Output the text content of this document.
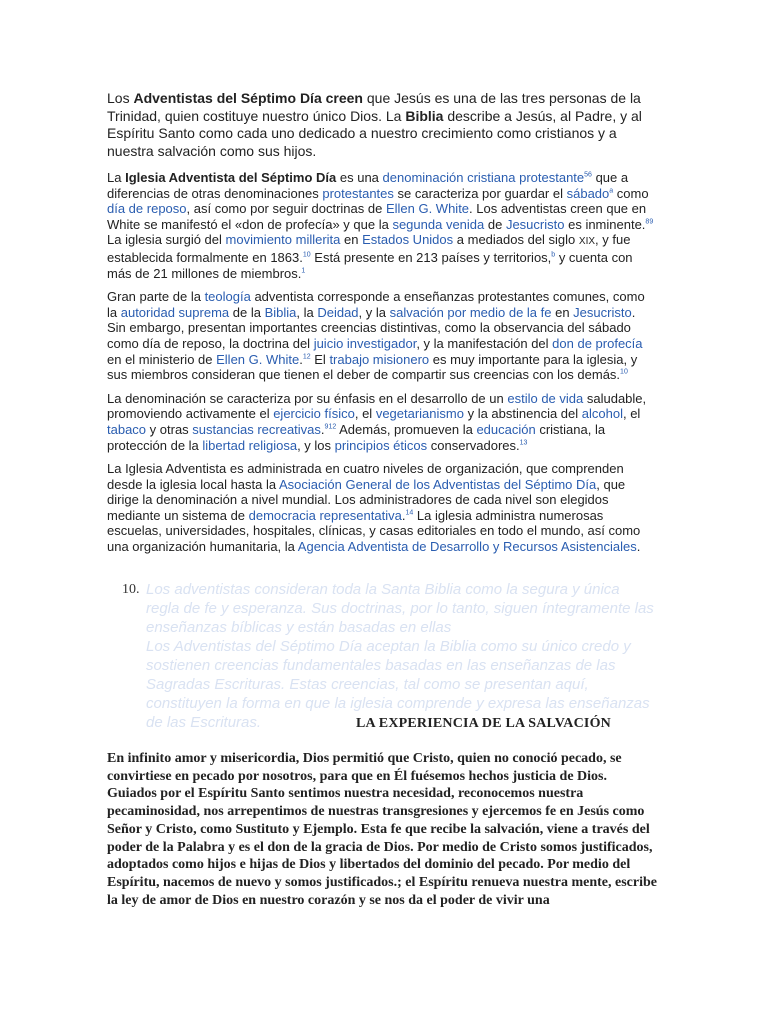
Los Adventistas del Séptimo Día creen que Jesús es una de las tres personas de la Trinidad, quien costituye nuestro único Dios. La Biblia describe a Jesús, al Padre, y al Espíritu Santo como cada uno dedicado a nuestro crecimiento como cristianos y a nuestra salvación como sus hijos.

La Iglesia Adventista del Séptimo Día es una denominación cristiana protestante$^{56}$ que a diferencias de otras denominaciones protestantes se caracteriza por guardar el sábado$^a$ como día de reposo, así como por seguir doctrinas de Ellen G. White. Los adventistas creen que en White se manifestó el «don de profecía» y que la segunda venida de Jesucristo es inminente.$^{89}$ La iglesia surgió del movimiento millerita en Estados Unidos a mediados del siglo XIX, y fue establecida formalmente en 1863.10 Está presente en 213 países y territorios,$^b$ y cuenta con más de 21 millones de miembros.$^1$

Gran parte de la teología adventista corresponde a enseñanzas protestantes comunes, como la autoridad suprema de la Biblia, la Deidad, y la salvación por medio de la fe en Jesucristo. Sin embargo, presentan importantes creencias distintivas, como la observancia del sábado como día de reposo, la doctrina del juicio investigador, y la manifestación del don de profecía en el ministerio de Ellen G. White.$^{12}$ El trabajo misionero es muy importante para la iglesia, y sus miembros consideran que tienen el deber de compartir sus creencias con los demás.$^{10}$

La denominación se caracteriza por su énfasis en el desarrollo de un estilo de vida saludable, promoviendo activamente el ejercicio físico, el vegetarianismo y la abstinencia del alcohol, el tabaco y otras sustancias recreativas.$^{912}$ Además, promueven la educación cristiana, la protección de la libertad religiosa, y los principios éticos conservadores.$^{13}$

La Iglesia Adventista es administrada en cuatro niveles de organización, que comprenden desde la iglesia local hasta la Asociación General de los Adventistas del Séptimo Día, que dirige la denominación a nivel mundial. Los administradores de cada nivel son elegidos mediante un sistema de democracia representativa.$^{14}$ La iglesia administra numerosas escuelas, universidades, hospitales, clínicas, y casas editoriales en todo el mundo, así como una organización humanitaria, la Agencia Adventista de Desarrollo y Recursos Asistenciales.

10. Los adventistas consideran toda la Santa Biblia como la segura y única regla de fe y esperanza. Sus doctrinas, por lo tanto, siguen íntegramente las enseñanzas bíblicas y están basadas en ellas
Los Adventistas del Séptimo Día aceptan la Biblia como su único credo y sostienen creencias fundamentales basadas en las enseñanzas de las Sagradas Escrituras. Estas creencias, tal como se presentan aquí, constituyen la forma en que la iglesia comprende y expresa las enseñanzas de las Escrituras.	LA EXPERIENCIA DE LA SALVACIÓN
En infinito amor y misericordia, Dios permitió que Cristo, quien no conoció pecado, se convirtiese en pecado por nosotros, para que en Él fuésemos hechos justicia de Dios. Guiados por el Espíritu Santo sentimos nuestra necesidad, reconocemos nuestra pecaminosidad, nos arrepentimos de nuestras transgresiones y ejercemos fe en Jesús como Señor y Cristo, como Sustituto y Ejemplo. Esta fe que recibe la salvación, viene a través del poder de la Palabra y es el don de la gracia de Dios. Por medio de Cristo somos justificados, adoptados como hijos e hijas de Dios y libertados del dominio del pecado. Por medio del Espíritu, nacemos de nuevo y somos justificados.; el Espíritu renueva nuestra mente, escribe la ley de amor de Dios en nuestro corazón y se nos da el poder de vivir una
